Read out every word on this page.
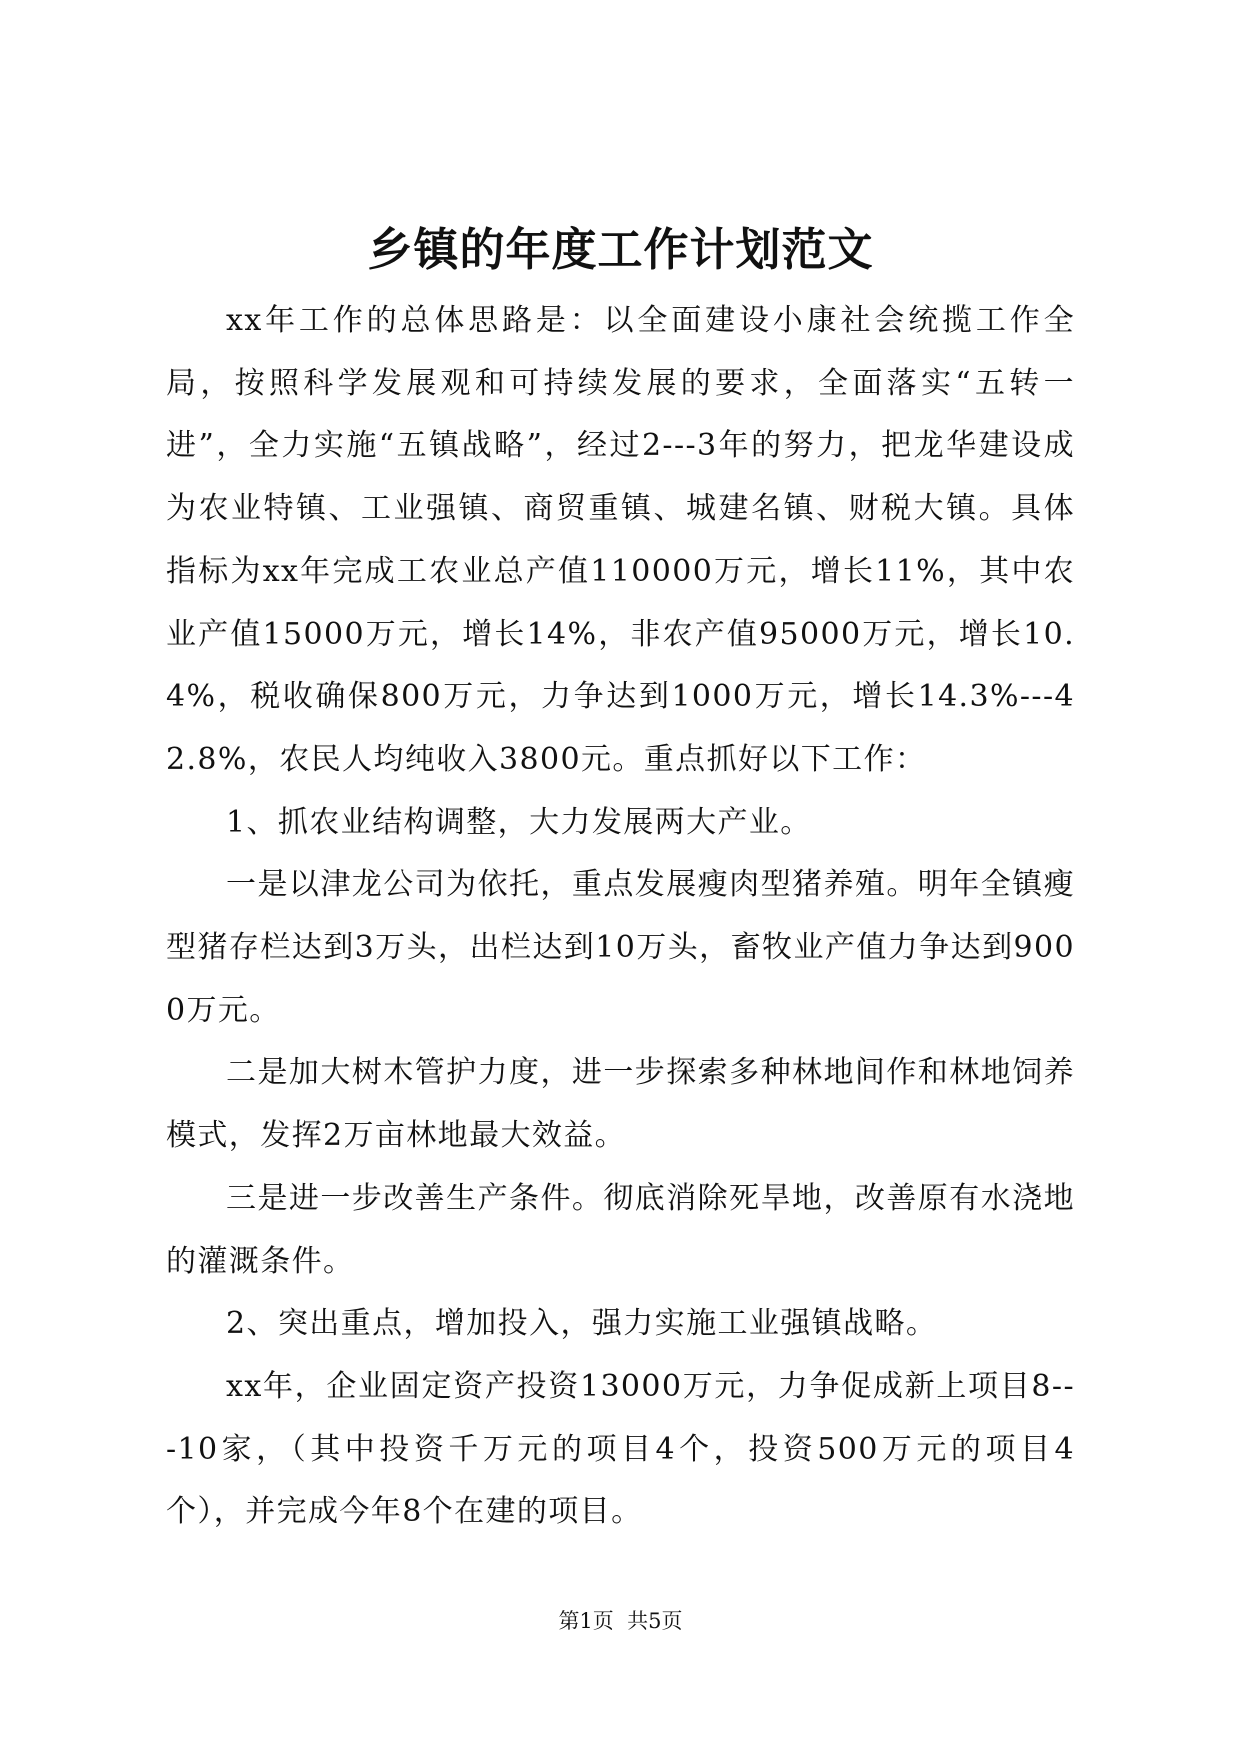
乡镇的年度工作计划范文

xx年工作的总体思路是：以全面建设小康社会统揽工作全局，按照科学发展观和可持续发展的要求，全面落实“五转一进”，全力实施“五镇战略”，经过2---3年的努力，把龙华建设成为农业特镇、工业强镇、商贸重镇、城建名镇、财税大镇。具体指标为xx年完成工农业总产值110000万元，增长11%，其中农业产值15000万元，增长14%，非农产值95000万元，增长10.4%，税收确保800万元，力争达到1000万元，增长14.3%---42.8%，农民人均纯收入3800元。重点抓好以下工作：

1、抓农业结构调整，大力发展两大产业。

一是以津龙公司为依托，重点发展瘦肉型猪养殖。明年全镇瘦型猪存栏达到3万头，出栏达到10万头，畜牧业产值力争达到9000万元。

二是加大树木管护力度，进一步探索多种林地间作和林地饲养模式，发挥2万亩林地最大效益。

三是进一步改善生产条件。彻底消除死旱地，改善原有水浇地的灌溉条件。

2、突出重点，增加投入，强力实施工业强镇战略。

xx年，企业固定资产投资13000万元，力争促成新上项目8---10家，（其中投资千万元的项目4个，投资500万元的项目4个），并完成今年8个在建的项目。

第1页 共5页
